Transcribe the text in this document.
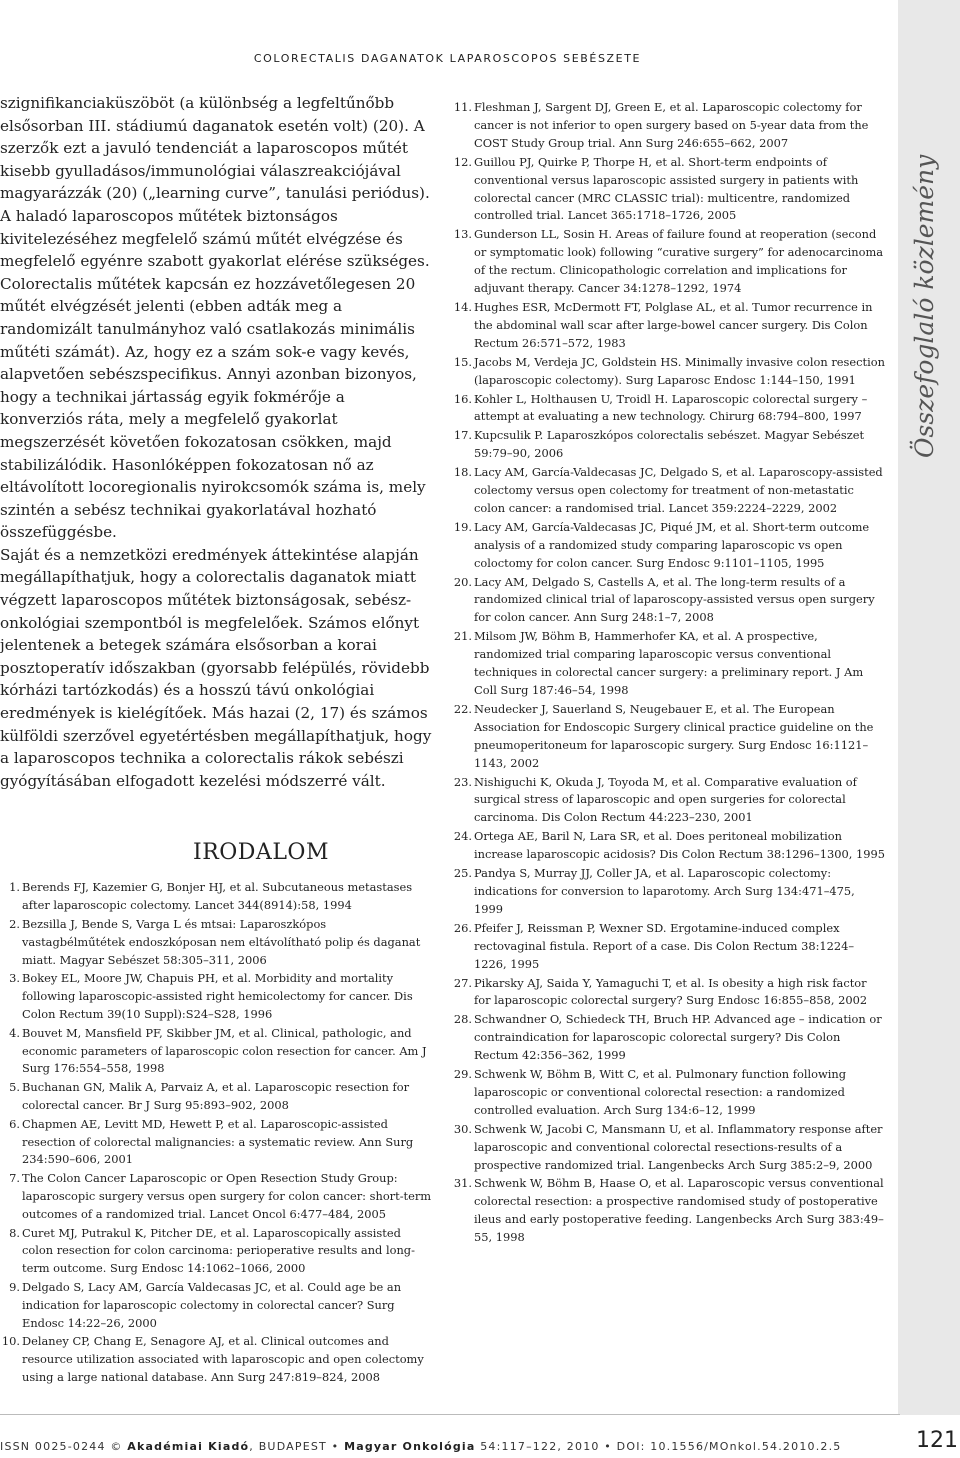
COLORECTALIS DAGANATOK LAPAROSCOPOS SEBÉSZETE
Összefoglaló közlemény

szignifikanciaküszöböt (a különbség a legfeltűnőbb elsősorban III. stádiumú daganatok esetén volt) (20). A szerzők ezt a javuló tendenciát a laparoscopos műtét kisebb gyulladásos/immunológiai válaszreakciójával magyarázzák (20) („learning curve”, tanulási periódus).

A haladó laparoscopos műtétek biztonságos kivitelezéséhez megfelelő számú műtét elvégzése és megfelelő egyénre szabott gyakorlat elérése szükséges. Colorectalis műtétek kapcsán ez hozzávetőlegesen 20 műtét elvégzését jelenti (ebben adták meg a randomizált tanulmányhoz való csatlakozás minimális műtéti számát). Az, hogy ez a szám sok-e vagy kevés, alapvetően sebészspecifikus. Annyi azonban bizonyos, hogy a technikai jártasság egyik fokmérője a konverziós ráta, mely a megfelelő gyakorlat megszerzését követően fokozatosan csökken, majd stabilizálódik. Hasonlóképpen fokozatosan nő az eltávolított locoregionalis nyirokcsomók száma is, mely szintén a sebész technikai gyakorlatával hozható összefüggésbe.

Saját és a nemzetközi eredmények áttekintése alapján megállapíthatjuk, hogy a colorectalis daganatok miatt végzett laparoscopos műtétek biztonságosak, sebész-onkológiai szempontból is megfelelőek. Számos előnyt jelentenek a betegek számára elsősorban a korai posztoperatív időszakban (gyorsabb felépülés, rövidebb kórházi tartózkodás) és a hosszú távú onkológiai eredmények is kielégítőek. Más hazai (2, 17) és számos külföldi szerzővel egyetértésben megállapíthatjuk, hogy a laparoscopos technika a colorectalis rákok sebészi gyógyításában elfogadott kezelési módszerré vált.

IRODALOM
1. Berends FJ, Kazemier G, Bonjer HJ, et al. Subcutaneous metastases after laparoscopic colectomy. Lancet 344(8914):58, 1994
2. Bezsilla J, Bende S, Varga L és mtsai: Laparoszkópos vastagbélműtétek endoszkóposan nem eltávolítható polip és daganat miatt. Magyar Sebészet 58:305–311, 2006
3. Bokey EL, Moore JW, Chapuis PH, et al. Morbidity and mortality following laparoscopic-assisted right hemicolectomy for cancer. Dis Colon Rectum 39(10 Suppl):S24–S28, 1996
4. Bouvet M, Mansfield PF, Skibber JM, et al. Clinical, pathologic, and economic parameters of laparoscopic colon resection for cancer. Am J Surg 176:554–558, 1998
5. Buchanan GN, Malik A, Parvaiz A, et al. Laparoscopic resection for colorectal cancer. Br J Surg 95:893–902, 2008
6. Chapmen AE, Levitt MD, Hewett P, et al. Laparoscopic-assisted resection of colorectal malignancies: a systematic review. Ann Surg 234:590–606, 2001
7. The Colon Cancer Laparoscopic or Open Resection Study Group: laparoscopic surgery versus open surgery for colon cancer: short-term outcomes of a randomized trial. Lancet Oncol 6:477–484, 2005
8. Curet MJ, Putrakul K, Pitcher DE, et al. Laparoscopically assisted colon resection for colon carcinoma: perioperative results and long-term outcome. Surg Endosc 14:1062–1066, 2000
9. Delgado S, Lacy AM, García Valdecasas JC, et al. Could age be an indication for laparoscopic colectomy in colorectal cancer? Surg Endosc 14:22–26, 2000
10. Delaney CP, Chang E, Senagore AJ, et al. Clinical outcomes and resource utilization associated with laparoscopic and open colectomy using a large national database. Ann Surg 247:819–824, 2008
11. Fleshman J, Sargent DJ, Green E, et al. Laparoscopic colectomy for cancer is not inferior to open surgery based on 5-year data from the COST Study Group trial. Ann Surg 246:655–662, 2007
12. Guillou PJ, Quirke P, Thorpe H, et al. Short-term endpoints of conventional versus laparoscopic assisted surgery in patients with colorectal cancer (MRC CLASSIC trial): multicentre, randomized controlled trial. Lancet 365:1718–1726, 2005
13. Gunderson LL, Sosin H. Areas of failure found at reoperation (second or symptomatic look) following “curative surgery” for adenocarcinoma of the rectum. Clinicopathologic correlation and implications for adjuvant therapy. Cancer 34:1278–1292, 1974
14. Hughes ESR, McDermott FT, Polglase AL, et al. Tumor recurrence in the abdominal wall scar after large-bowel cancer surgery. Dis Colon Rectum 26:571–572, 1983
15. Jacobs M, Verdeja JC, Goldstein HS. Minimally invasive colon resection (laparoscopic colectomy). Surg Laparosc Endosc 1:144–150, 1991
16. Kohler L, Holthausen U, Troidl H. Laparoscopic colorectal surgery – attempt at evaluating a new technology. Chirurg 68:794–800, 1997
17. Kupcsulik P. Laparoszkópos colorectalis sebészet. Magyar Sebészet 59:79–90, 2006
18. Lacy AM, García-Valdecasas JC, Delgado S, et al. Laparoscopy-assisted colectomy versus open colectomy for treatment of non-metastatic colon cancer: a randomised trial. Lancet 359:2224–2229, 2002
19. Lacy AM, García-Valdecasas JC, Piqué JM, et al. Short-term outcome analysis of a randomized study comparing laparoscopic vs open coloctomy for colon cancer. Surg Endosc 9:1101–1105, 1995
20. Lacy AM, Delgado S, Castells A, et al. The long-term results of a randomized clinical trial of laparoscopy-assisted versus open surgery for colon cancer. Ann Surg 248:1–7, 2008
21. Milsom JW, Böhm B, Hammerhofer KA, et al. A prospective, randomized trial comparing laparoscopic versus conventional techniques in colorectal cancer surgery: a preliminary report. J Am Coll Surg 187:46–54, 1998
22. Neudecker J, Sauerland S, Neugebauer E, et al. The European Association for Endoscopic Surgery clinical practice guideline on the pneumoperitoneum for laparoscopic surgery. Surg Endosc 16:1121–1143, 2002
23. Nishiguchi K, Okuda J, Toyoda M, et al. Comparative evaluation of surgical stress of laparoscopic and open surgeries for colorectal carcinoma. Dis Colon Rectum 44:223–230, 2001
24. Ortega AE, Baril N, Lara SR, et al. Does peritoneal mobilization increase laparoscopic acidosis? Dis Colon Rectum 38:1296–1300, 1995
25. Pandya S, Murray JJ, Coller JA, et al. Laparoscopic colectomy: indications for conversion to laparotomy. Arch Surg 134:471–475, 1999
26. Pfeifer J, Reissman P, Wexner SD. Ergotamine-induced complex rectovaginal fistula. Report of a case. Dis Colon Rectum 38:1224–1226, 1995
27. Pikarsky AJ, Saida Y, Yamaguchi T, et al. Is obesity a high risk factor for laparoscopic colorectal surgery? Surg Endosc 16:855–858, 2002
28. Schwandner O, Schiedeck TH, Bruch HP. Advanced age – indication or contraindication for laparoscopic colorectal surgery? Dis Colon Rectum 42:356–362, 1999
29. Schwenk W, Böhm B, Witt C, et al. Pulmonary function following laparoscopic or conventional colorectal resection: a randomized controlled evaluation. Arch Surg 134:6–12, 1999
30. Schwenk W, Jacobi C, Mansmann U, et al. Inflammatory response after laparoscopic and conventional colorectal resections-results of a prospective randomized trial. Langenbecks Arch Surg 385:2–9, 2000
31. Schwenk W, Böhm B, Haase O, et al. Laparoscopic versus conventional colorectal resection: a prospective randomised study of postoperative ileus and early postoperative feeding. Langenbecks Arch Surg 383:49–55, 1998
ISSN 0025-0244 © Akadémiai Kiadó, BUDAPEST • Magyar Onkológia 54:117–122, 2010 • DOI: 10.1556/MOnkol.54.2010.2.5	121
